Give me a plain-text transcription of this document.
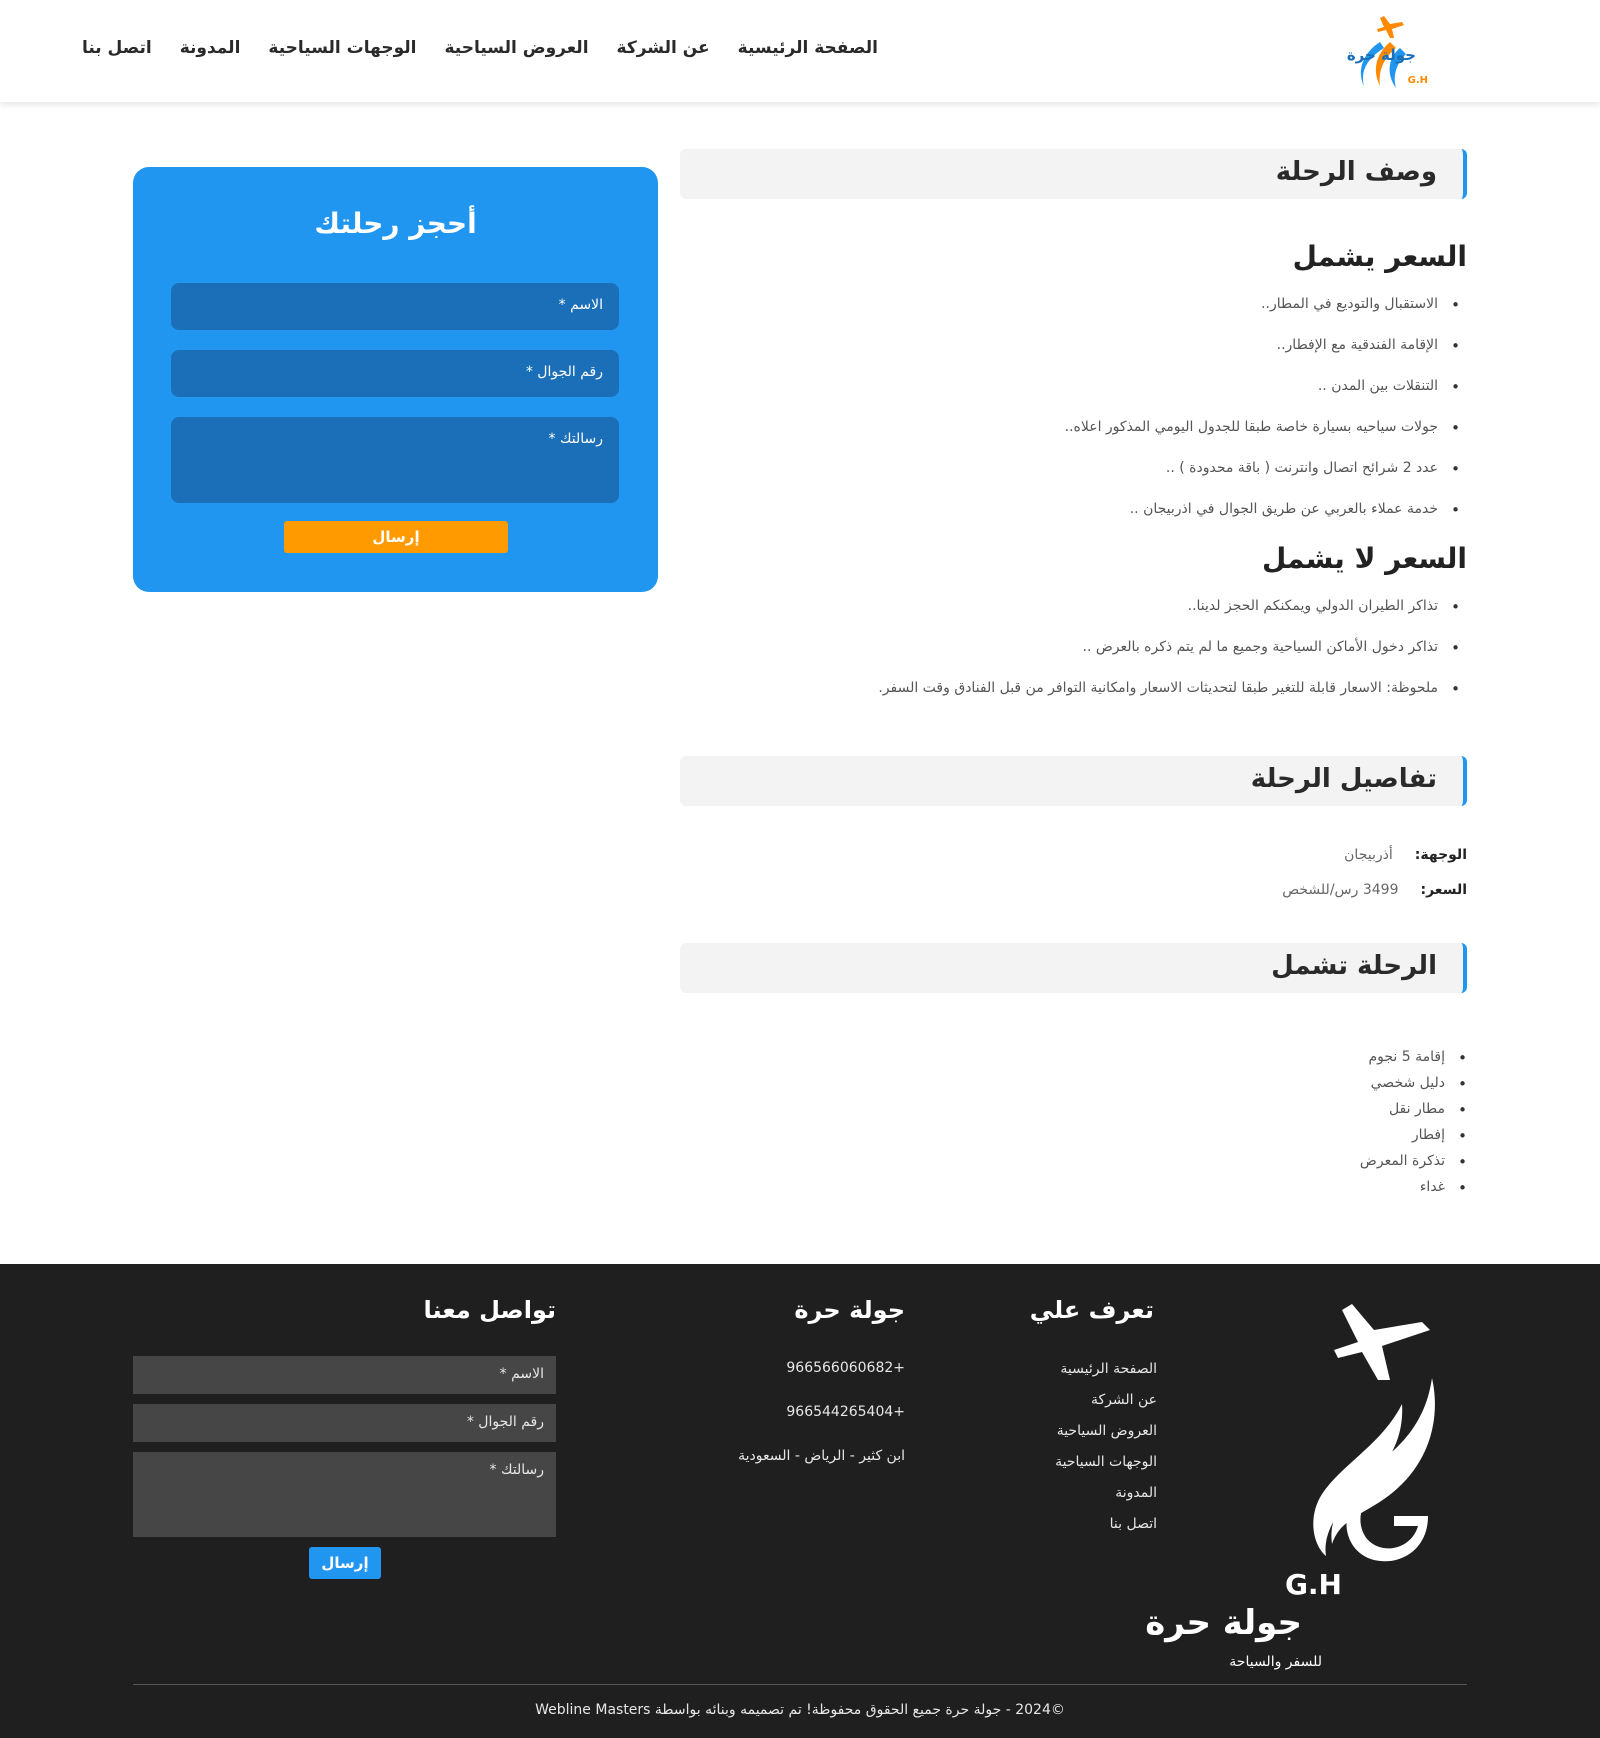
جولة حرة
G.H
الصفحة الرئيسية
عن الشركة
العروض السياحية
الوجهات السياحية
المدونة
اتصل بنا
وصف الرحلة
السعر يشمل
• الاستقبال والتوديع في المطار..
• الإقامة الفندقية مع الإفطار..
• التنقلات بين المدن ..
• جولات سياحيه بسيارة خاصة طبقا للجدول اليومي المذكور اعلاه..
• عدد 2 شرائح اتصال وانترنت ( باقة محدودة ) ..
• خدمة عملاء بالعربي عن طريق الجوال في اذربيجان ..
السعر لا يشمل
• تذاكر الطيران الدولي ويمكنكم الحجز لدينا..
• تذاكر دخول الأماكن السياحية وجميع ما لم يتم ذكره بالعرض ..
• ملحوظة: الاسعار قابلة للتغير طبقا لتحديثات الاسعار وامكانية التوافر من قبل الفنادق وقت السفر.
تفاصيل الرحلة
الوجهة:أذربيجان
السعر:3499 رس/للشخص
الرحلة تشمل
• إقامة 5 نجوم
• دليل شخصي
• مطار نقل
• إفطار
• تذكرة المعرض
• غداء
أحجز رحلتك
الاسم *
رقم الجوال *
رسالتك *
إرسال
G.H
جولة حرة
للسفر والسياحة
تعرف علي
الصفحة الرئيسية
عن الشركة
العروض السياحية
الوجهات السياحية
المدونة
اتصل بنا
جولة حرة
+966566060682
+966544265404
ابن كثير - الرياض - السعودية
تواصل معنا
الاسم *
رقم الجوال *
رسالتك *
إرسال
©2024 - جولة حرة جميع الحقوق محفوظة! تم تصميمه وبنائه بواسطة Webline Masters
